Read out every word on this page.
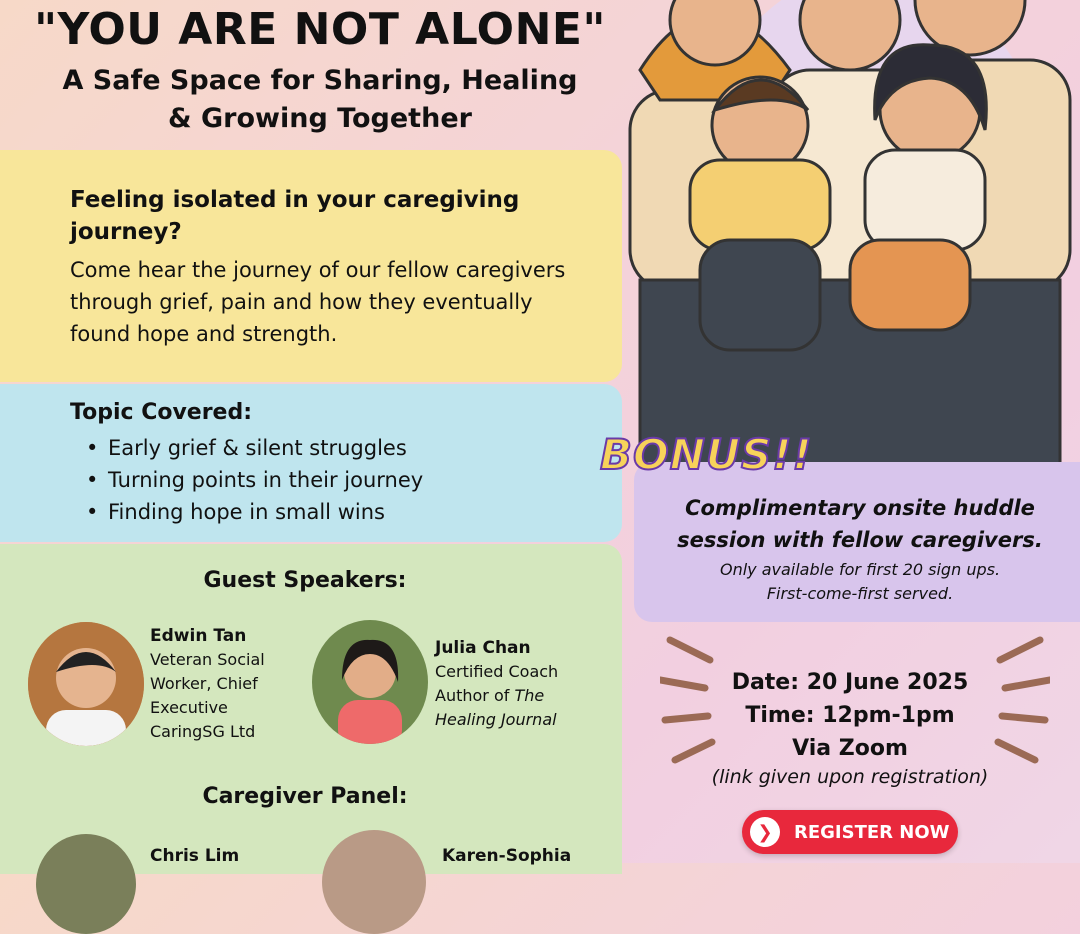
"YOU ARE NOT ALONE"
A Safe Space for Sharing, Healing
& Growing Together
Feeling isolated in your caregiving journey?
Come hear the journey of our fellow caregivers through grief, pain and how they eventually found hope and strength.
Topic Covered:
• Early grief & silent struggles
• Turning points in their journey
• Finding hope in small wins
Guest Speakers:
Edwin Tan
Veteran Social Worker, Chief Executive CaringSG Ltd
Julia Chan
Certified Coach
Author of The
Healing Journal
Caregiver Panel:
Chris Lim	Karen-Sophia
BONUS!!
Complimentary onsite huddle
session with fellow caregivers.
Only available for first 20 sign ups.
First-come-first served.
Date: 20 June 2025
Time: 12pm-1pm
Via Zoom
(link given upon registration)
❯	REGISTER NOW
